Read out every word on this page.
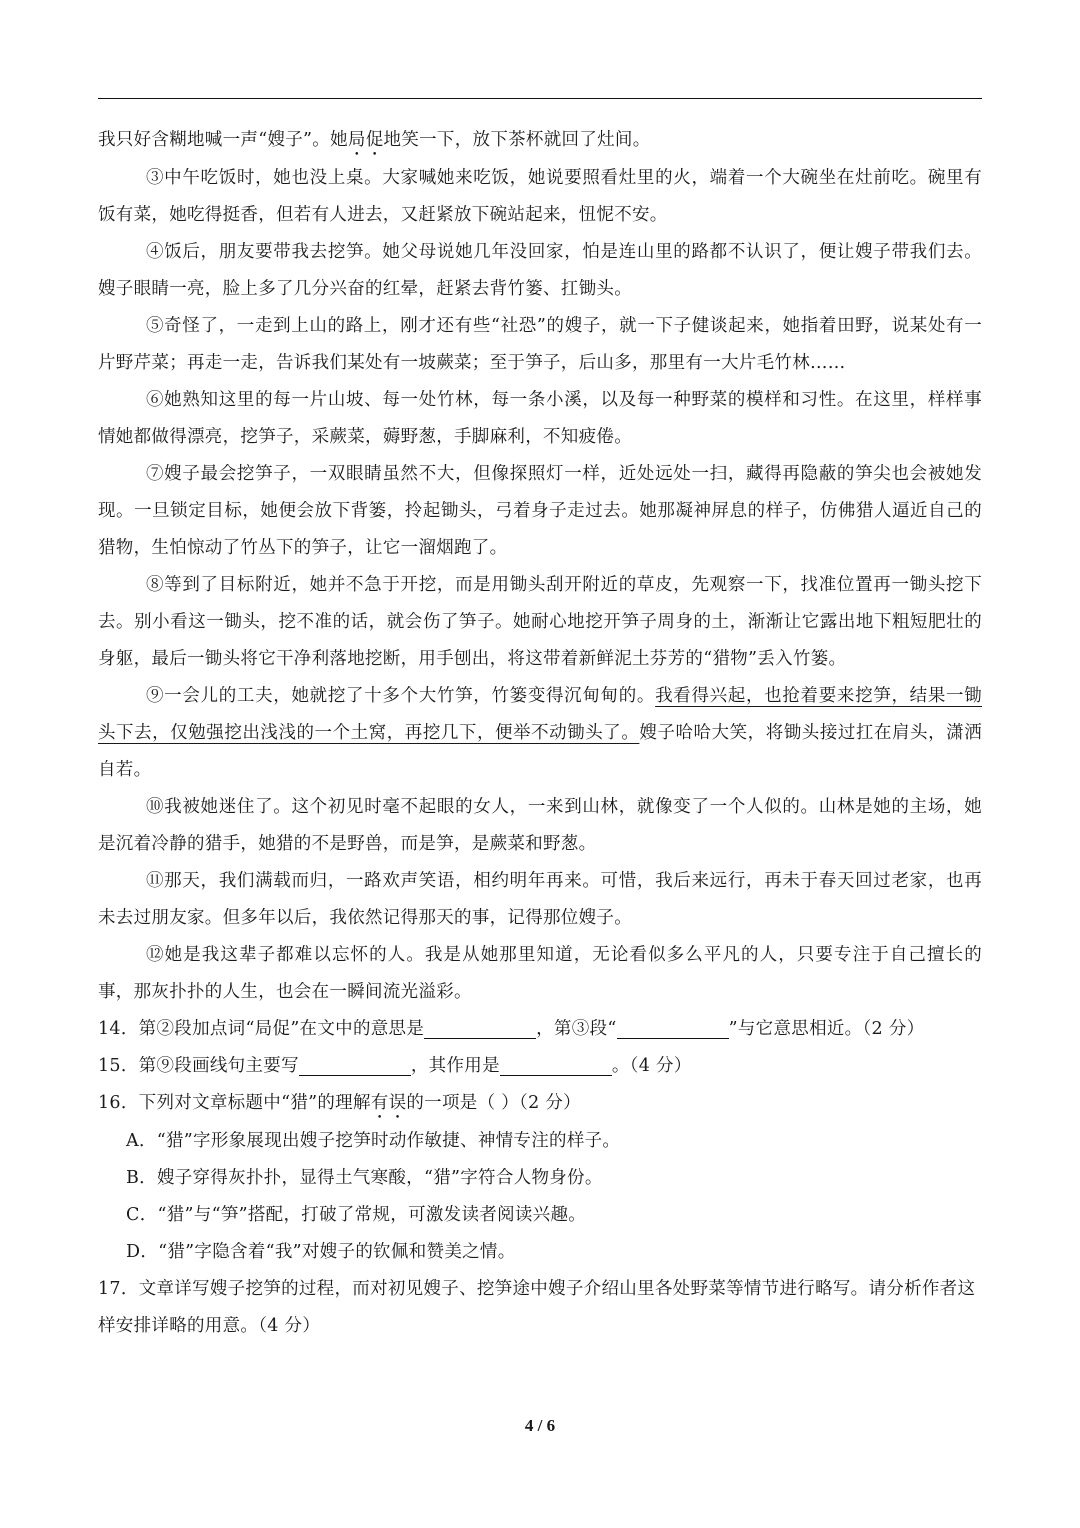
我只好含糊地喊一声“嫂子”。她局促地笑一下，放下茶杯就回了灶间。

③中午吃饭时，她也没上桌。大家喊她来吃饭，她说要照看灶里的火，端着一个大碗坐在灶前吃。碗里有饭有菜，她吃得挺香，但若有人进去，又赶紧放下碗站起来，忸怩不安。

④饭后，朋友要带我去挖笋。她父母说她几年没回家，怕是连山里的路都不认识了，便让嫂子带我们去。嫂子眼睛一亮，脸上多了几分兴奋的红晕，赶紧去背竹篓、扛锄头。

⑤奇怪了，一走到上山的路上，刚才还有些“社恐”的嫂子，就一下子健谈起来，她指着田野，说某处有一片野芹菜；再走一走，告诉我们某处有一坡蕨菜；至于笋子，后山多，那里有一大片毛竹林……

⑥她熟知这里的每一片山坡、每一处竹林，每一条小溪，以及每一种野菜的模样和习性。在这里，样样事情她都做得漂亮，挖笋子，采蕨菜，薅野葱，手脚麻利，不知疲倦。

⑦嫂子最会挖笋子，一双眼睛虽然不大，但像探照灯一样，近处远处一扫，藏得再隐蔽的笋尖也会被她发现。一旦锁定目标，她便会放下背篓，拎起锄头，弓着身子走过去。她那凝神屏息的样子，仿佛猎人逼近自己的猎物，生怕惊动了竹丛下的笋子，让它一溜烟跑了。

⑧等到了目标附近，她并不急于开挖，而是用锄头刮开附近的草皮，先观察一下，找准位置再一锄头挖下去。别小看这一锄头，挖不准的话，就会伤了笋子。她耐心地挖开笋子周身的土，渐渐让它露出地下粗短肥壮的身躯，最后一锄头将它干净利落地挖断，用手刨出，将这带着新鲜泥土芬芳的“猎物”丢入竹篓。

⑨一会儿的工夫，她就挖了十多个大竹笋，竹篓变得沉甸甸的。我看得兴起，也抢着要来挖笋，结果一锄头下去，仅勉强挖出浅浅的一个土窝，再挖几下，便举不动锄头了。嫂子哈哈大笑，将锄头接过扛在肩头，潇洒自若。

⑩我被她迷住了。这个初见时毫不起眼的女人，一来到山林，就像变了一个人似的。山林是她的主场，她是沉着冷静的猎手，她猎的不是野兽，而是笋，是蕨菜和野葱。

⑪那天，我们满载而归，一路欢声笑语，相约明年再来。可惜，我后来远行，再未于春天回过老家，也再未去过朋友家。但多年以后，我依然记得那天的事，记得那位嫂子。

⑫她是我这辈子都难以忘怀的人。我是从她那里知道，无论看似多么平凡的人，只要专注于自己擅长的事，那灰扑扑的人生，也会在一瞬间流光溢彩。

14．第②段加点词“局促”在文中的意思是	，第③段“	”与它意思相近。（2 分）

15．第⑨段画线句主要写	，其作用是	。（4 分）

16．下列对文章标题中“猎”的理解有误的一项是（ ）（2 分）

A．“猎”字形象展现出嫂子挖笋时动作敏捷、神情专注的样子。

B．嫂子穿得灰扑扑，显得土气寒酸，“猎”字符合人物身份。

C．“猎”与“笋”搭配，打破了常规，可激发读者阅读兴趣。

D．“猎”字隐含着“我”对嫂子的钦佩和赞美之情。

17．文章详写嫂子挖笋的过程，而对初见嫂子、挖笋途中嫂子介绍山里各处野菜等情节进行略写。请分析作者这样安排详略的用意。（4 分）

4 / 6
